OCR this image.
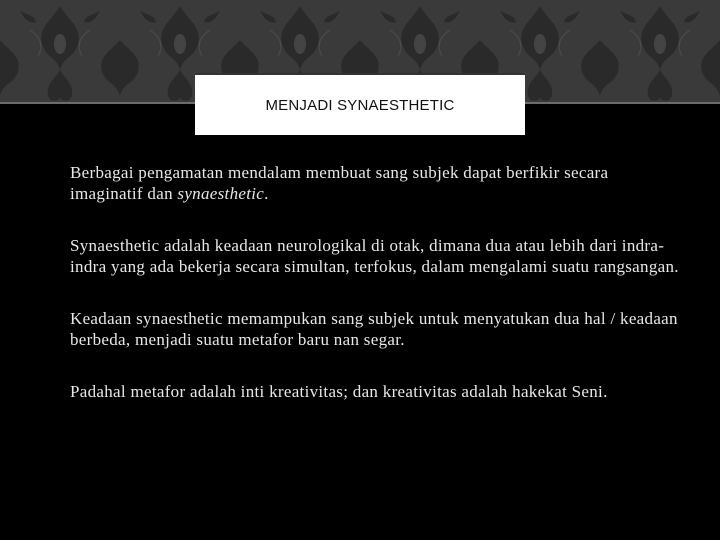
MENJADI SYNAESTHETIC

Berbagai pengamatan mendalam membuat sang subjek dapat berfikir secara imaginatif dan synaesthetic.

Synaesthetic adalah keadaan neurologikal di otak, dimana dua atau lebih dari indra-indra yang ada bekerja secara simultan, terfokus, dalam mengalami suatu rangsangan.

Keadaan synaesthetic memampukan sang subjek untuk menyatukan dua hal / keadaan berbeda, menjadi suatu metafor baru nan segar.

Padahal metafor adalah inti kreativitas; dan kreativitas adalah hakekat Seni.
